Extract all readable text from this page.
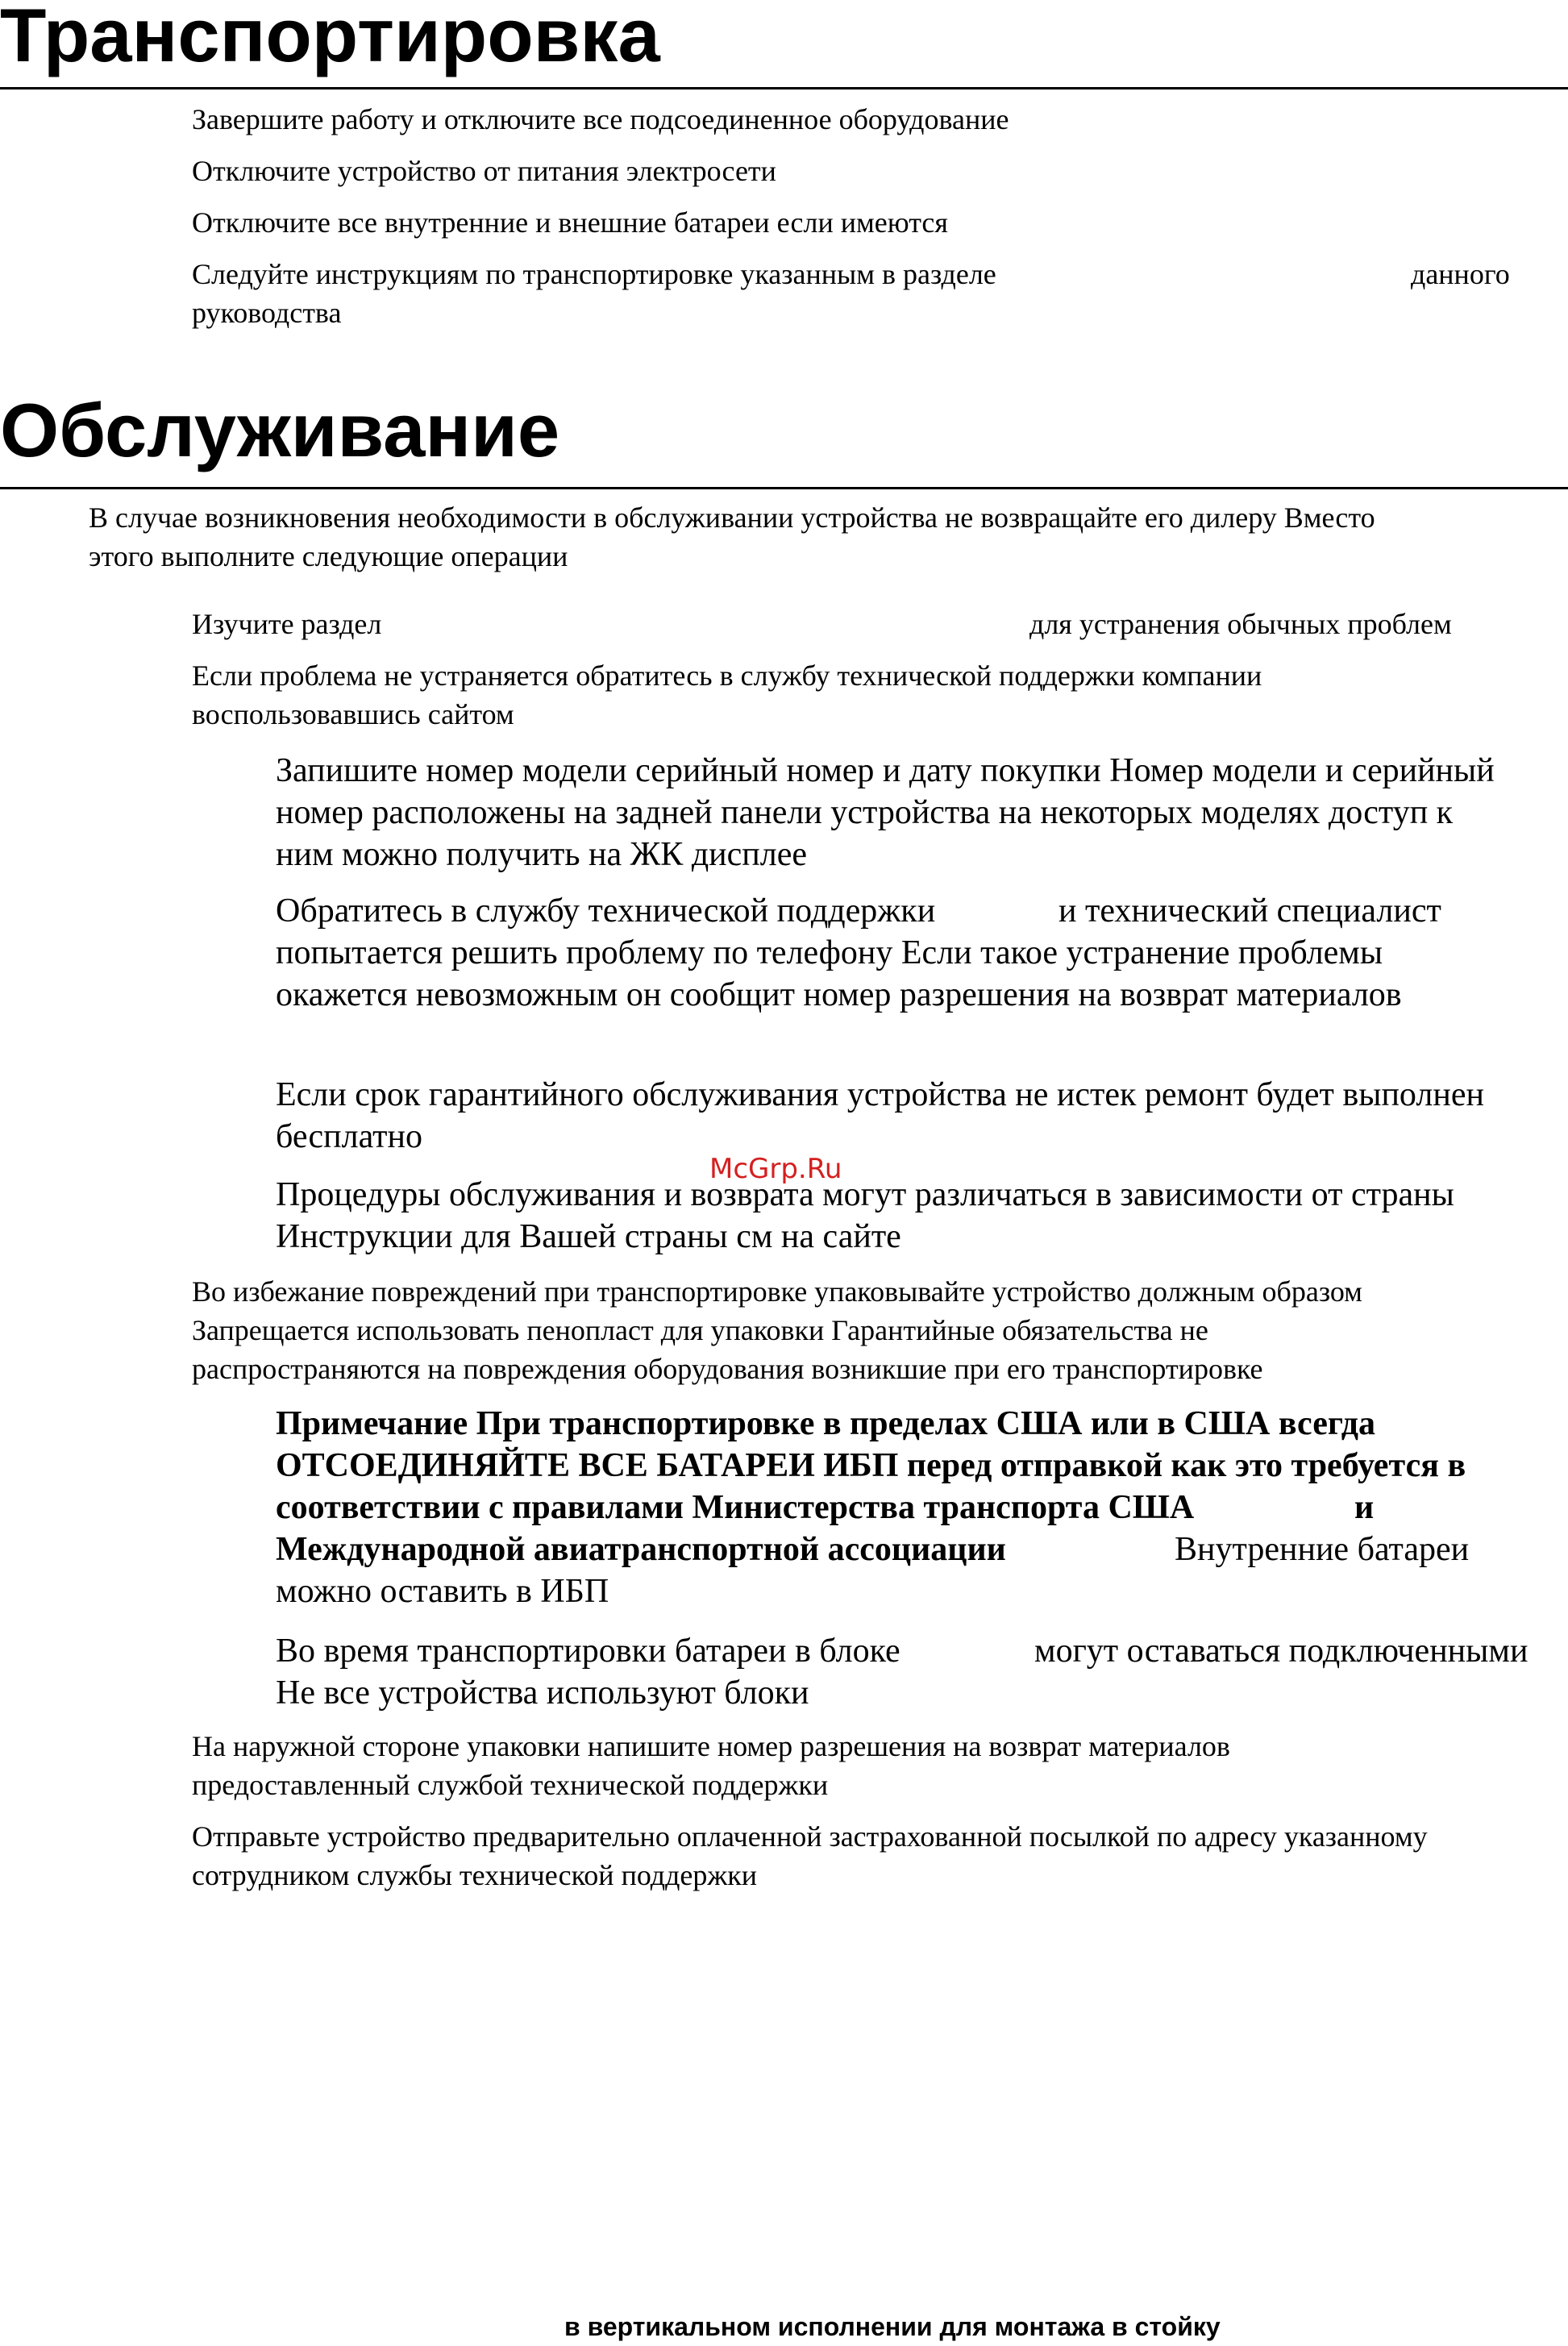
Транспортировка

Завершите работу и отключите все подсоединенное оборудование

Отключите устройство от питания электросети

Отключите все внутренние и внешние батареи если имеются

Следуйте инструкциям по транспортировке указанным в разделе	данного

руководства

Обслуживание

В случае возникновения необходимости в обслуживании устройства не возвращайте его дилеру Вместо

этого выполните следующие операции

Изучите раздел	для устранения обычных проблем

Если проблема не устраняется обратитесь в службу технической поддержки компании

воспользовавшись сайтом

Запишите номер модели серийный номер и дату покупки Номер модели и серийный

номер расположены на задней панели устройства на некоторых моделях доступ к

ним можно получить на ЖК дисплее

Обратитесь в службу технической поддержки	и технический специалист

попытается решить проблему по телефону Если такое устранение проблемы

окажется невозможным он сообщит номер разрешения на возврат материалов

Если срок гарантийного обслуживания устройства не истек ремонт будет выполнен

бесплатно

McGrp.Ru

Процедуры обслуживания и возврата могут различаться в зависимости от страны

Инструкции для Вашей страны см на сайте

Во избежание повреждений при транспортировке упаковывайте устройство должным образом

Запрещается использовать пенопласт для упаковки Гарантийные обязательства не

распространяются на повреждения оборудования возникшие при его транспортировке

Примечание При транспортировке в пределах США или в США всегда

ОТСОЕДИНЯЙТЕ ВСЕ БАТАРЕИ ИБП перед отправкой как это требуется в

соответствии с правилами Министерства транспорта США	и

Международной авиатранспортной ассоциации	Внутренние батареи

можно оставить в ИБП

Во время транспортировки батареи в блоке	могут оставаться подключенными

Не все устройства используют блоки

На наружной стороне упаковки напишите номер разрешения на возврат материалов

предоставленный службой технической поддержки

Отправьте устройство предварительно оплаченной застрахованной посылкой по адресу указанному

сотрудником службы технической поддержки

в вертикальном исполнении для монтажа в стойку
